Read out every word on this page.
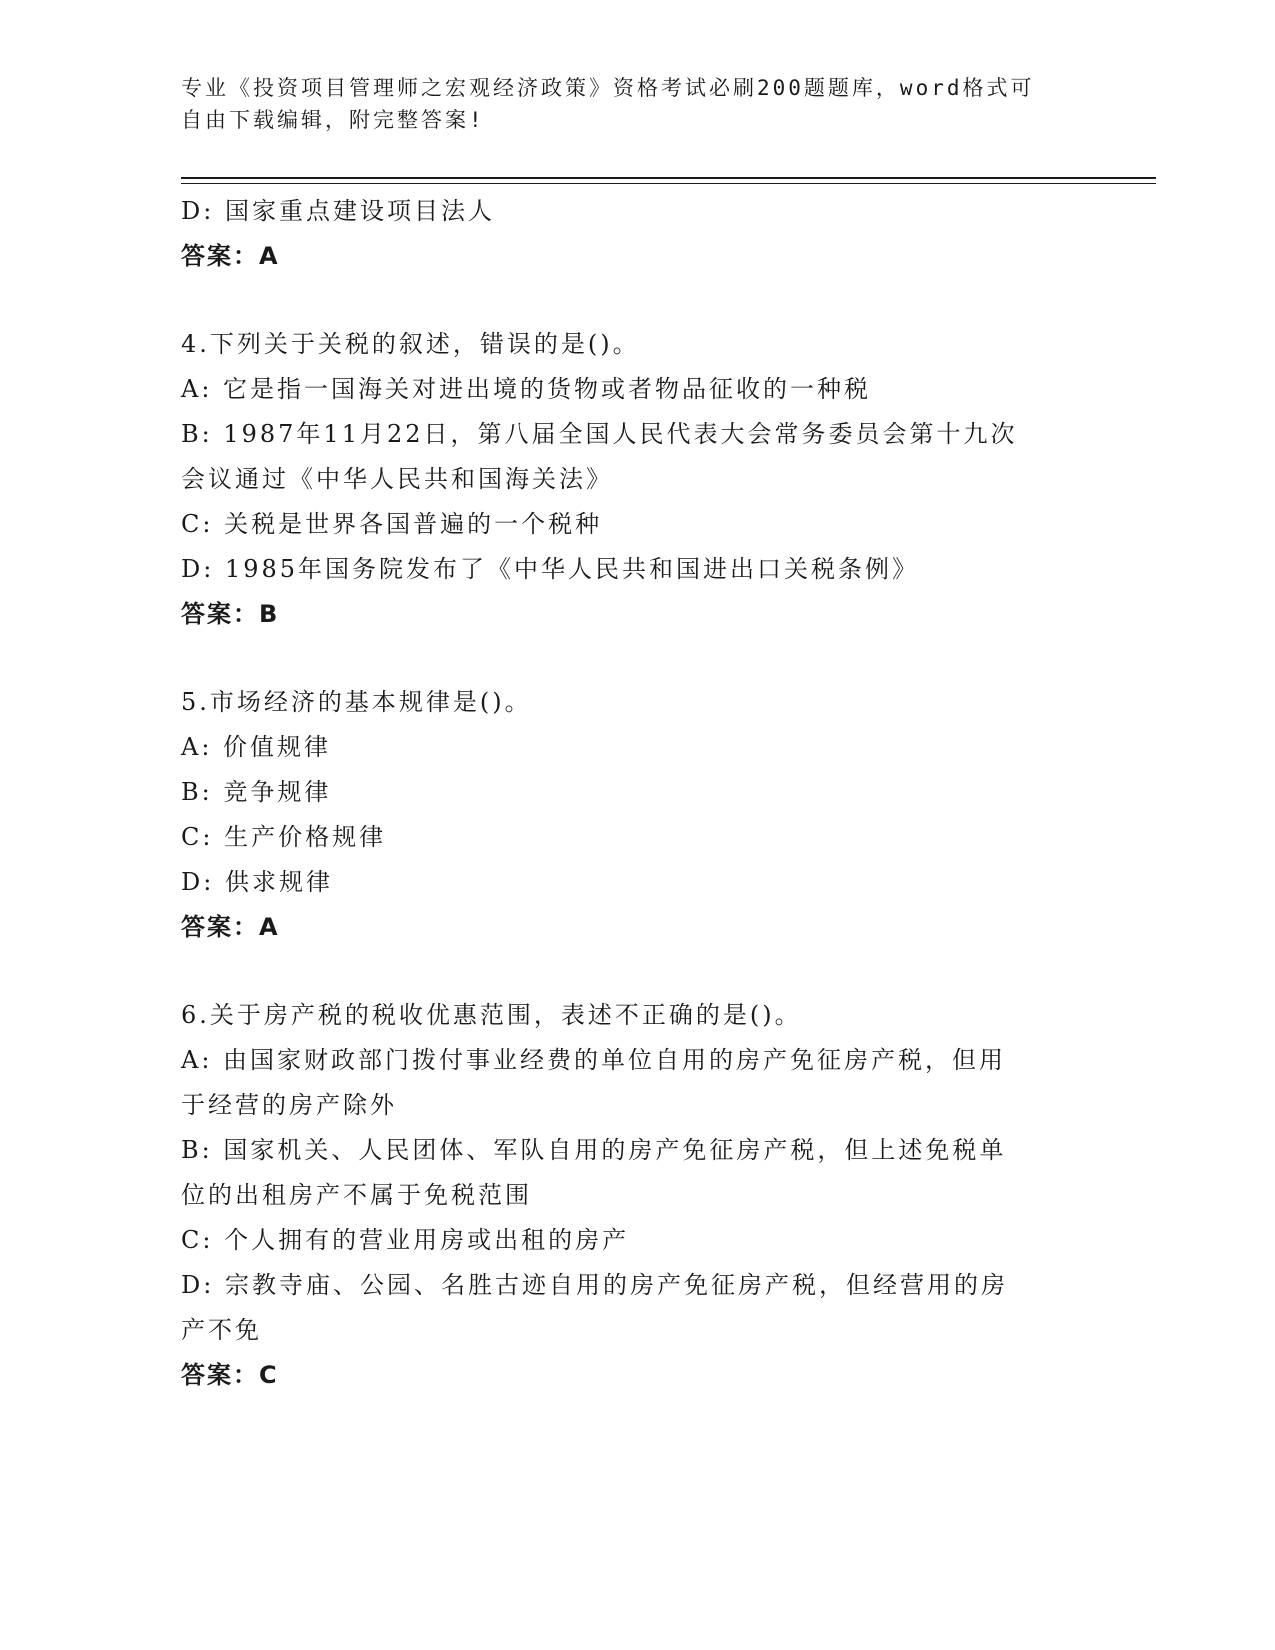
专业《投资项目管理师之宏观经济政策》资格考试必刷200题题库，word格式可
自由下载编辑，附完整答案!

D: 国家重点建设项目法人

答案：A

4.下列关于关税的叙述，错误的是()。

A: 它是指一国海关对进出境的货物或者物品征收的一种税

B: 1987年11月22日，第八届全国人民代表大会常务委员会第十九次

会议通过《中华人民共和国海关法》

C: 关税是世界各国普遍的一个税种

D: 1985年国务院发布了《中华人民共和国进出口关税条例》

答案：B

5.市场经济的基本规律是()。

A: 价值规律

B: 竞争规律

C: 生产价格规律

D: 供求规律

答案：A

6.关于房产税的税收优惠范围，表述不正确的是()。

A: 由国家财政部门拨付事业经费的单位自用的房产免征房产税，但用

于经营的房产除外

B: 国家机关、人民团体、军队自用的房产免征房产税，但上述免税单

位的出租房产不属于免税范围

C: 个人拥有的营业用房或出租的房产

D: 宗教寺庙、公园、名胜古迹自用的房产免征房产税，但经营用的房

产不免

答案：C
